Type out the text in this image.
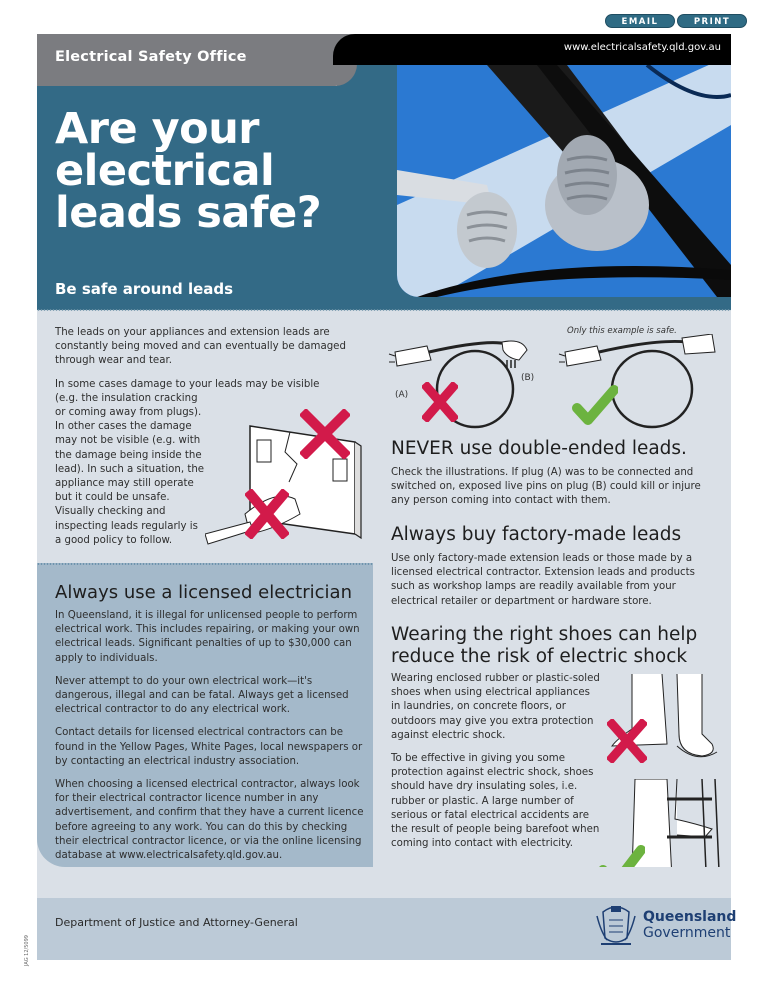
EMAIL	PRINT
Electrical Safety Office
www.electricalsafety.qld.gov.au
Are your
electrical
leads safe?
Be safe around leads

The leads on your appliances and extension leads are constantly being moved and can eventually be damaged through wear and tear.

In some cases damage to your leads may be visible
(e.g. the insulation cracking
or coming away from plugs).
In other cases the damage
may not be visible (e.g. with
the damage being inside the
lead). In such a situation, the
appliance may still operate
but it could be unsafe.
Visually checking and
inspecting leads regularly is
a good policy to follow.
Always use a licensed electrician

In Queensland, it is illegal for unlicensed people to perform electrical work. This includes repairing, or making your own electrical leads. Significant penalties of up to $30,000 can apply to individuals.

Never attempt to do your own electrical work—it's dangerous, illegal and can be fatal. Always get a licensed electrical contractor to do any electrical work.

Contact details for licensed electrical contractors can be found in the Yellow Pages, White Pages, local newspapers or by contacting an electrical industry association.

When choosing a licensed electrical contractor, always look for their electrical contractor licence number in any advertisement, and confirm that they have a current licence before agreeing to any work. You can do this by checking their electrical contractor licence, or via the online licensing database at www.electricalsafety.qld.gov.au.

Only this example is safe.
(A)
(B)
NEVER use double-ended leads.

Check the illustrations. If plug (A) was to be connected and switched on, exposed live pins on plug (B) could kill or injure any person coming into contact with them.

Always buy factory-made leads

Use only factory-made extension leads or those made by a licensed electrical contractor. Extension leads and products such as workshop lamps are readily available from your electrical retailer or department or hardware store.

Wearing the right shoes can help reduce the risk of electric shock

Wearing enclosed rubber or plastic-soled shoes when using electrical appliances in laundries, on concrete floors, or outdoors may give you extra protection against electric shock.

To be effective in giving you some protection against electric shock, shoes should have dry insulating soles, i.e. rubber or plastic. A large number of serious or fatal electrical accidents are the result of people being barefoot when coming into contact with electricity.

Department of Justice and Attorney-General	Queensland
Government
JAG 12/5099
